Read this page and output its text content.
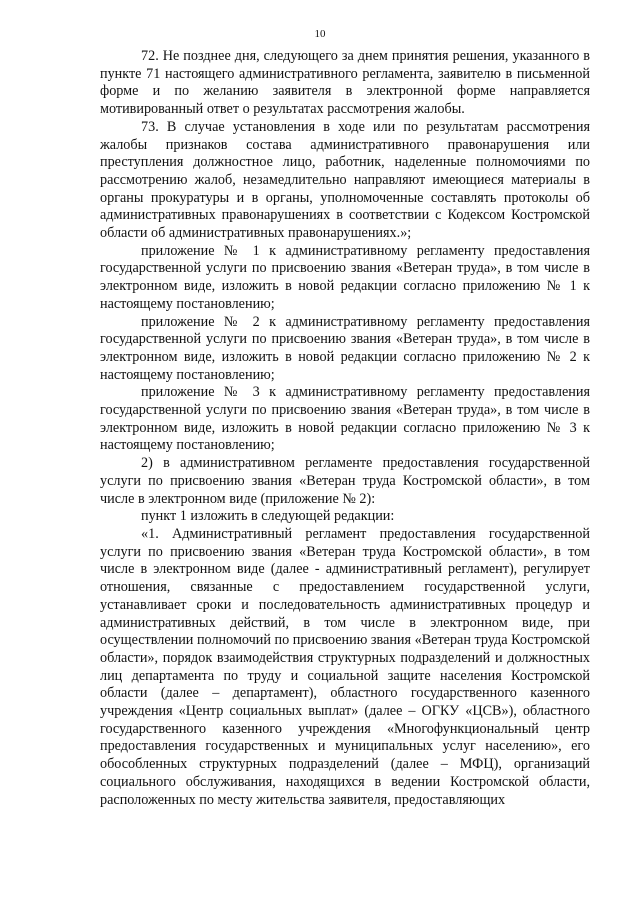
10

72. Не позднее дня, следующего за днем принятия решения, указанного в пункте 71 настоящего административного регламента, заявителю в письменной форме и по желанию заявителя в электронной форме направляется мотивированный ответ о результатах рассмотрения жалобы.

73. В случае установления в ходе или по результатам рассмотрения жалобы признаков состава административного правонарушения или преступления должностное лицо, работник, наделенные полномочиями по рассмотрению жалоб, незамедлительно направляют имеющиеся материалы в органы прокуратуры и в органы, уполномоченные составлять протоколы об административных правонарушениях в соответствии с Кодексом Костромской области об административных правонарушениях.»;

приложение № 1 к административному регламенту предоставления государственной услуги по присвоению звания «Ветеран труда», в том числе в электронном виде, изложить в новой редакции согласно приложению № 1 к настоящему постановлению;

приложение № 2 к административному регламенту предоставления государственной услуги по присвоению звания «Ветеран труда», в том числе в электронном виде, изложить в новой редакции согласно приложению № 2 к настоящему постановлению;

приложение № 3 к административному регламенту предоставления государственной услуги по присвоению звания «Ветеран труда», в том числе в электронном виде, изложить в новой редакции согласно приложению № 3 к настоящему постановлению;

2) в административном регламенте предоставления государственной услуги по присвоению звания «Ветеран труда Костромской области», в том числе в электронном виде (приложение № 2):

пункт 1 изложить в следующей редакции:

«1. Административный регламент предоставления государственной услуги по присвоению звания «Ветеран труда Костромской области», в том числе в электронном виде (далее - административный регламент), регулирует отношения, связанные с предоставлением государственной услуги, устанавливает сроки и последовательность административных процедур и административных действий, в том числе в электронном виде, при осуществлении полномочий по присвоению звания «Ветеран труда Костромской области», порядок взаимодействия структурных подразделений и должностных лиц департамента по труду и социальной защите населения Костромской области (далее – департамент), областного государственного казенного учреждения «Центр социальных выплат» (далее – ОГКУ «ЦСВ»), областного государственного казенного учреждения «Многофункциональный центр предоставления государственных и муниципальных услуг населению», его обособленных структурных подразделений (далее – МФЦ), организаций социального обслуживания, находящихся в ведении Костромской области, расположенных по месту жительства заявителя, предоставляющих
